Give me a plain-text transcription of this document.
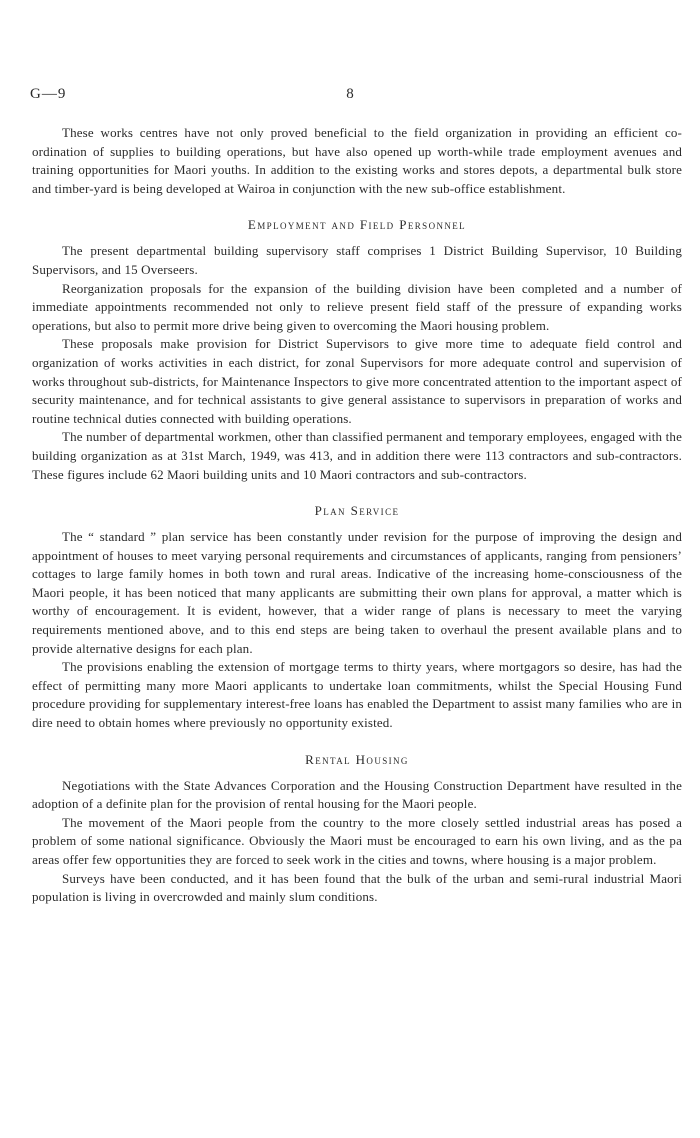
G—9	8

These works centres have not only proved beneficial to the field organization in providing an efficient co-ordination of supplies to building operations, but have also opened up worth-while trade employment avenues and training opportunities for Maori youths. In addition to the existing works and stores depots, a departmental bulk store and timber-yard is being developed at Wairoa in conjunction with the new sub-office establishment.

Employment and Field Personnel

The present departmental building supervisory staff comprises 1 District Building Supervisor, 10 Building Supervisors, and 15 Overseers.

Reorganization proposals for the expansion of the building division have been completed and a number of immediate appointments recommended not only to relieve present field staff of the pressure of expanding works operations, but also to permit more drive being given to overcoming the Maori housing problem.

These proposals make provision for District Supervisors to give more time to adequate field control and organization of works activities in each district, for zonal Supervisors for more adequate control and supervision of works throughout sub-districts, for Maintenance Inspectors to give more concentrated attention to the important aspect of security maintenance, and for technical assistants to give general assistance to supervisors in preparation of works and routine technical duties connected with building operations.

The number of departmental workmen, other than classified permanent and temporary employees, engaged with the building organization as at 31st March, 1949, was 413, and in addition there were 113 contractors and sub-contractors. These figures include 62 Maori building units and 10 Maori contractors and sub-contractors.

Plan Service

The “ standard ” plan service has been constantly under revision for the purpose of improving the design and appointment of houses to meet varying personal requirements and circumstances of applicants, ranging from pensioners’ cottages to large family homes in both town and rural areas. Indicative of the increasing home-consciousness of the Maori people, it has been noticed that many applicants are submitting their own plans for approval, a matter which is worthy of encouragement. It is evident, however, that a wider range of plans is necessary to meet the varying requirements mentioned above, and to this end steps are being taken to overhaul the present available plans and to provide alternative designs for each plan.

The provisions enabling the extension of mortgage terms to thirty years, where mortgagors so desire, has had the effect of permitting many more Maori applicants to undertake loan commitments, whilst the Special Housing Fund procedure providing for supplementary interest-free loans has enabled the Department to assist many families who are in dire need to obtain homes where previously no opportunity existed.

Rental Housing

Negotiations with the State Advances Corporation and the Housing Construction Department have resulted in the adoption of a definite plan for the provision of rental housing for the Maori people.

The movement of the Maori people from the country to the more closely settled industrial areas has posed a problem of some national significance. Obviously the Maori must be encouraged to earn his own living, and as the pa areas offer few opportunities they are forced to seek work in the cities and towns, where housing is a major problem.

Surveys have been conducted, and it has been found that the bulk of the urban and semi-rural industrial Maori population is living in overcrowded and mainly slum conditions.
